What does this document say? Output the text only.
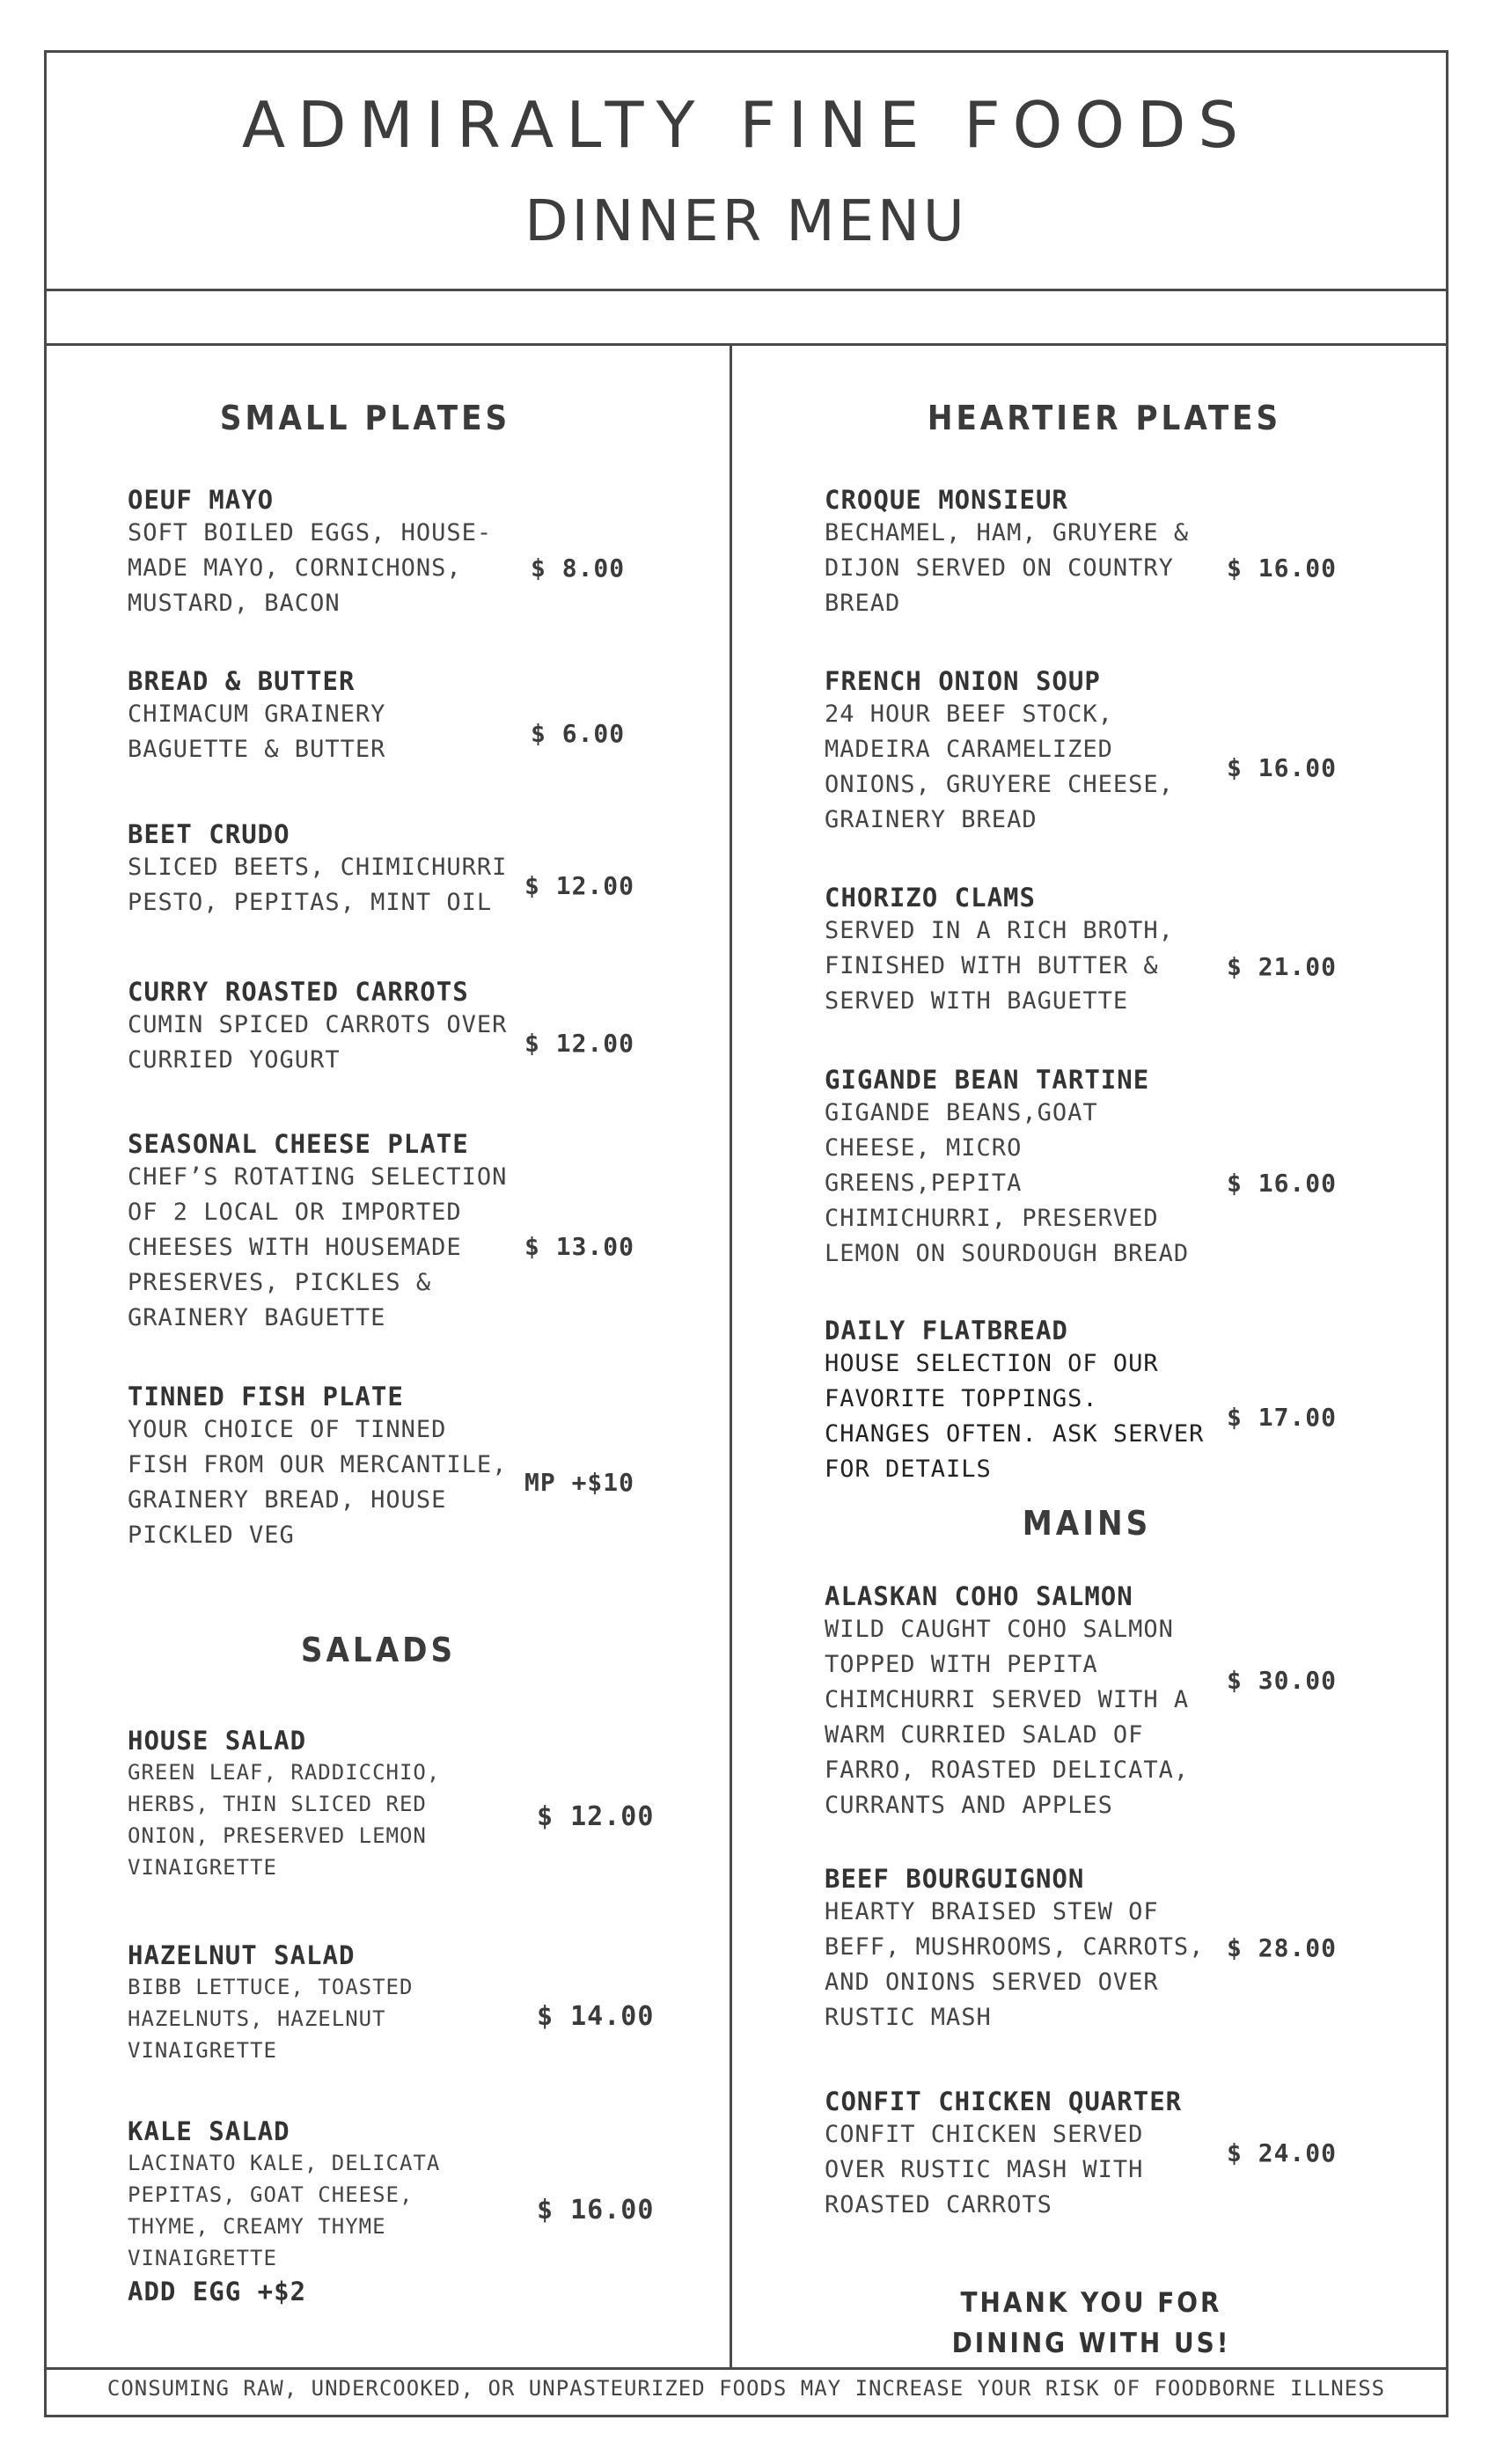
ADMIRALTY FINE FOODS
DINNER MENU
SMALL PLATES
OEUF MAYO
SOFT BOILED EGGS, HOUSE-
MADE MAYO, CORNICHONS,
MUSTARD, BACON
$ 8.00
BREAD & BUTTER
CHIMACUM GRAINERY
BAGUETTE & BUTTER
$ 6.00
BEET CRUDO
SLICED BEETS, CHIMICHURRI
PESTO, PEPITAS, MINT OIL
$ 12.00
CURRY ROASTED CARROTS
CUMIN SPICED CARROTS OVER
CURRIED YOGURT
$ 12.00
SEASONAL CHEESE PLATE
CHEF’S ROTATING SELECTION
OF 2 LOCAL OR IMPORTED
CHEESES WITH HOUSEMADE
PRESERVES, PICKLES &
GRAINERY BAGUETTE
$ 13.00
TINNED FISH PLATE
YOUR CHOICE OF TINNED
FISH FROM OUR MERCANTILE,
GRAINERY BREAD, HOUSE
PICKLED VEG
MP +$10
SALADS
HOUSE SALAD
GREEN LEAF, RADDICCHIO,
HERBS, THIN SLICED RED
ONION, PRESERVED LEMON
VINAIGRETTE
$ 12.00
HAZELNUT SALAD
BIBB LETTUCE, TOASTED
HAZELNUTS, HAZELNUT
VINAIGRETTE
$ 14.00
KALE SALAD
LACINATO KALE, DELICATA
PEPITAS, GOAT CHEESE,
THYME, CREAMY THYME
VINAIGRETTE
ADD EGG +$2
$ 16.00
HEARTIER PLATES
CROQUE MONSIEUR
BECHAMEL, HAM, GRUYERE &
DIJON SERVED ON COUNTRY
BREAD
$ 16.00
FRENCH ONION SOUP
24 HOUR BEEF STOCK,
MADEIRA CARAMELIZED
ONIONS, GRUYERE CHEESE,
GRAINERY BREAD
$ 16.00
CHORIZO CLAMS
SERVED IN A RICH BROTH,
FINISHED WITH BUTTER &
SERVED WITH BAGUETTE
$ 21.00
GIGANDE BEAN TARTINE
GIGANDE BEANS,GOAT
CHEESE, MICRO
GREENS,PEPITA
CHIMICHURRI, PRESERVED
LEMON ON SOURDOUGH BREAD
$ 16.00
DAILY FLATBREAD
HOUSE SELECTION OF OUR
FAVORITE TOPPINGS.
CHANGES OFTEN. ASK SERVER
FOR DETAILS
$ 17.00
MAINS
ALASKAN COHO SALMON
WILD CAUGHT COHO SALMON
TOPPED WITH PEPITA
CHIMCHURRI SERVED WITH A
WARM CURRIED SALAD OF
FARRO, ROASTED DELICATA,
CURRANTS AND APPLES
$ 30.00
BEEF BOURGUIGNON
HEARTY BRAISED STEW OF
BEFF, MUSHROOMS, CARROTS,
AND ONIONS SERVED OVER
RUSTIC MASH
$ 28.00
CONFIT CHICKEN QUARTER
CONFIT CHICKEN SERVED
OVER RUSTIC MASH WITH
ROASTED CARROTS
$ 24.00
THANK YOU FOR DINING WITH US!
CONSUMING RAW, UNDERCOOKED, OR UNPASTEURIZED FOODS MAY INCREASE YOUR RISK OF FOODBORNE ILLNESS
